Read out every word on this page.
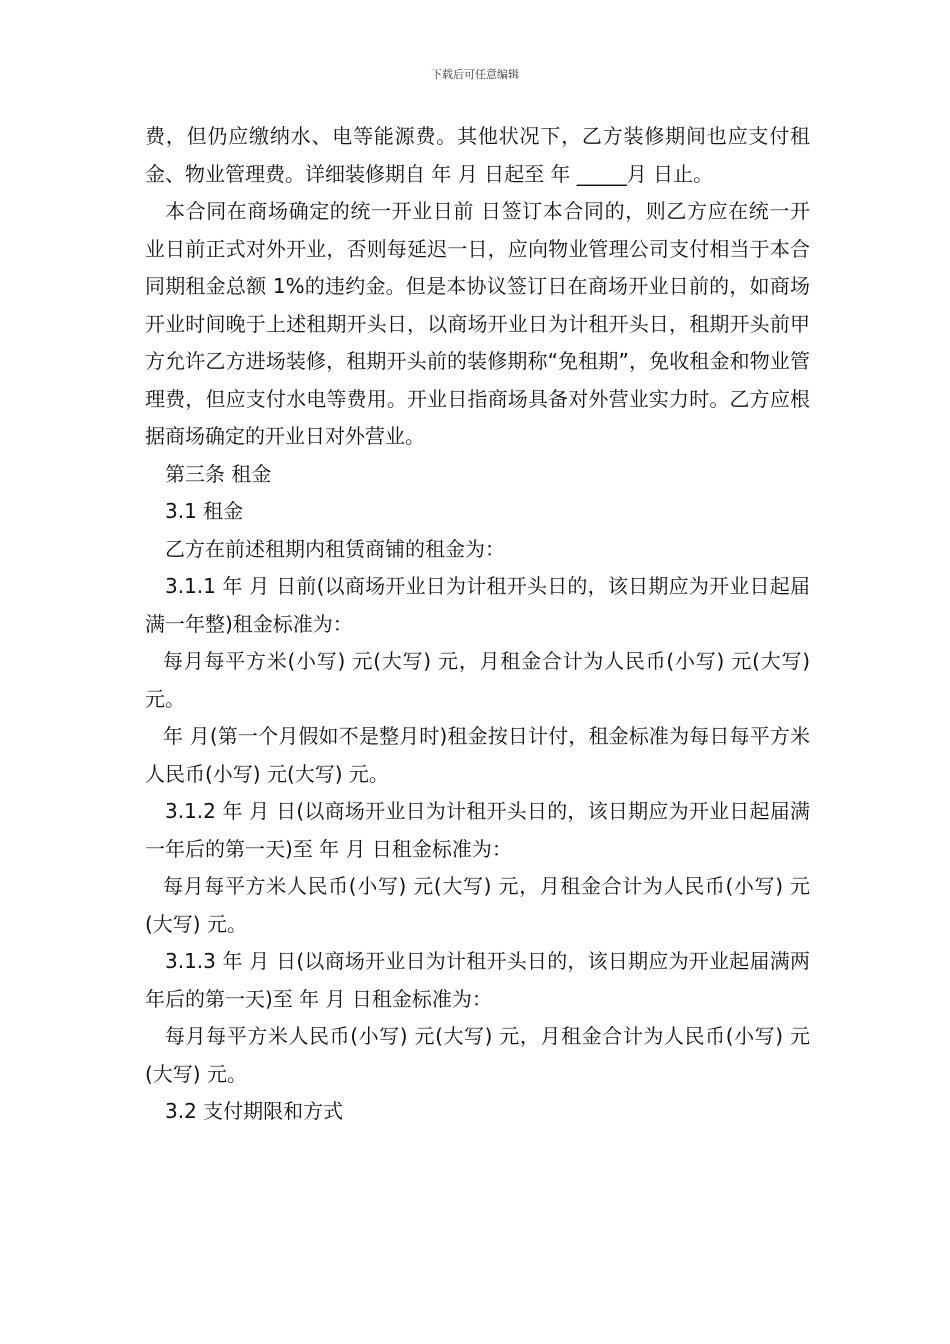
下载后可任意编辑

费，但仍应缴纳水、电等能源费。其他状况下，乙方装修期间也应支付租金、物业管理费。详细装修期自 年 月 日起至 年 _____月 日止。

本合同在商场确定的统一开业日前 日签订本合同的，则乙方应在统一开业日前正式对外开业，否则每延迟一日，应向物业管理公司支付相当于本合同期租金总额 1%的违约金。但是本协议签订日在商场开业日前的，如商场开业时间晚于上述租期开头日，以商场开业日为计租开头日，租期开头前甲方允许乙方进场装修，租期开头前的装修期称“免租期”，免收租金和物业管理费，但应支付水电等费用。开业日指商场具备对外营业实力时。乙方应根据商场确定的开业日对外营业。

第三条 租金

3.1 租金

乙方在前述租期内租赁商铺的租金为：

3.1.1 年 月 日前(以商场开业日为计租开头日的，该日期应为开业日起届满一年整)租金标准为：

每月每平方米(小写) 元(大写) 元，月租金合计为人民币(小写) 元(大写) 元。

年 月(第一个月假如不是整月时)租金按日计付，租金标准为每日每平方米人民币(小写) 元(大写) 元。

3.1.2 年 月 日(以商场开业日为计租开头日的，该日期应为开业日起届满一年后的第一天)至 年 月 日租金标准为：

每月每平方米人民币(小写) 元(大写) 元，月租金合计为人民币(小写) 元(大写) 元。

3.1.3 年 月 日(以商场开业日为计租开头日的，该日期应为开业起届满两年后的第一天)至 年 月 日租金标准为：

每月每平方米人民币(小写) 元(大写) 元，月租金合计为人民币(小写) 元(大写) 元。

3.2 支付期限和方式
